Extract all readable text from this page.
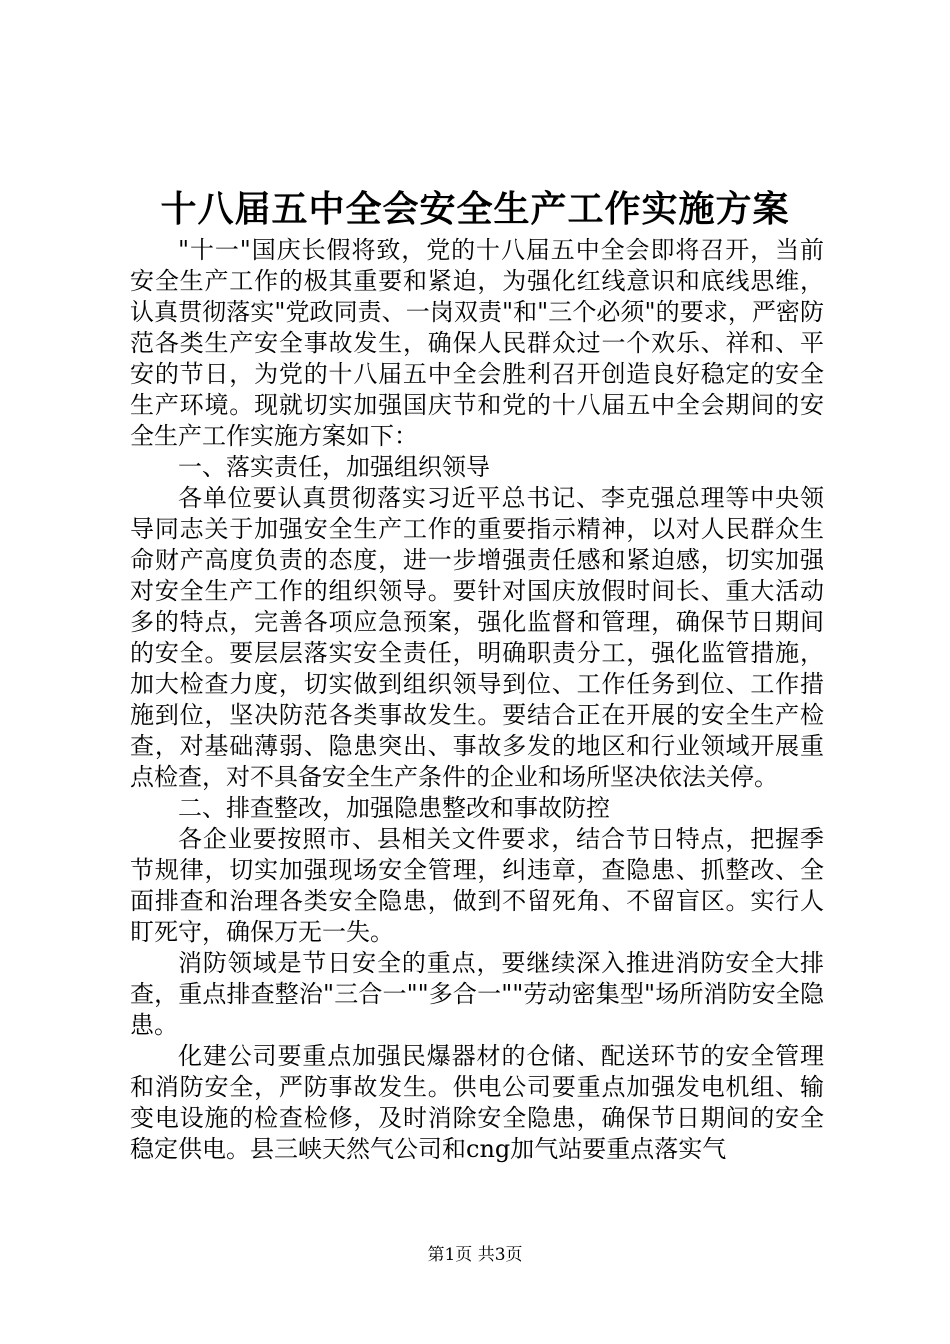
十八届五中全会安全生产工作实施方案

"十一"国庆长假将致，党的十八届五中全会即将召开，当前安全生产工作的极其重要和紧迫，为强化红线意识和底线思维，认真贯彻落实"党政同责、一岗双责"和"三个必须"的要求，严密防范各类生产安全事故发生，确保人民群众过一个欢乐、祥和、平安的节日，为党的十八届五中全会胜利召开创造良好稳定的安全生产环境。现就切实加强国庆节和党的十八届五中全会期间的安全生产工作实施方案如下：

一、落实责任，加强组织领导

各单位要认真贯彻落实习近平总书记、李克强总理等中央领导同志关于加强安全生产工作的重要指示精神，以对人民群众生命财产高度负责的态度，进一步增强责任感和紧迫感，切实加强对安全生产工作的组织领导。要针对国庆放假时间长、重大活动多的特点，完善各项应急预案，强化监督和管理，确保节日期间的安全。要层层落实安全责任，明确职责分工，强化监管措施，加大检查力度，切实做到组织领导到位、工作任务到位、工作措施到位，坚决防范各类事故发生。要结合正在开展的安全生产检查，对基础薄弱、隐患突出、事故多发的地区和行业领域开展重点检查，对不具备安全生产条件的企业和场所坚决依法关停。

二、排查整改，加强隐患整改和事故防控

各企业要按照市、县相关文件要求，结合节日特点，把握季节规律，切实加强现场安全管理，纠违章，查隐患、抓整改、全面排查和治理各类安全隐患，做到不留死角、不留盲区。实行人盯死守，确保万无一失。

消防领域是节日安全的重点，要继续深入推进消防安全大排查，重点排查整治"三合一""多合一""劳动密集型"场所消防安全隐患。

化建公司要重点加强民爆器材的仓储、配送环节的安全管理和消防安全，严防事故发生。供电公司要重点加强发电机组、输变电设施的检查检修，及时消除安全隐患，确保节日期间的安全稳定供电。县三峡天然气公司和cng加气站要重点落实气

第1页 共3页
